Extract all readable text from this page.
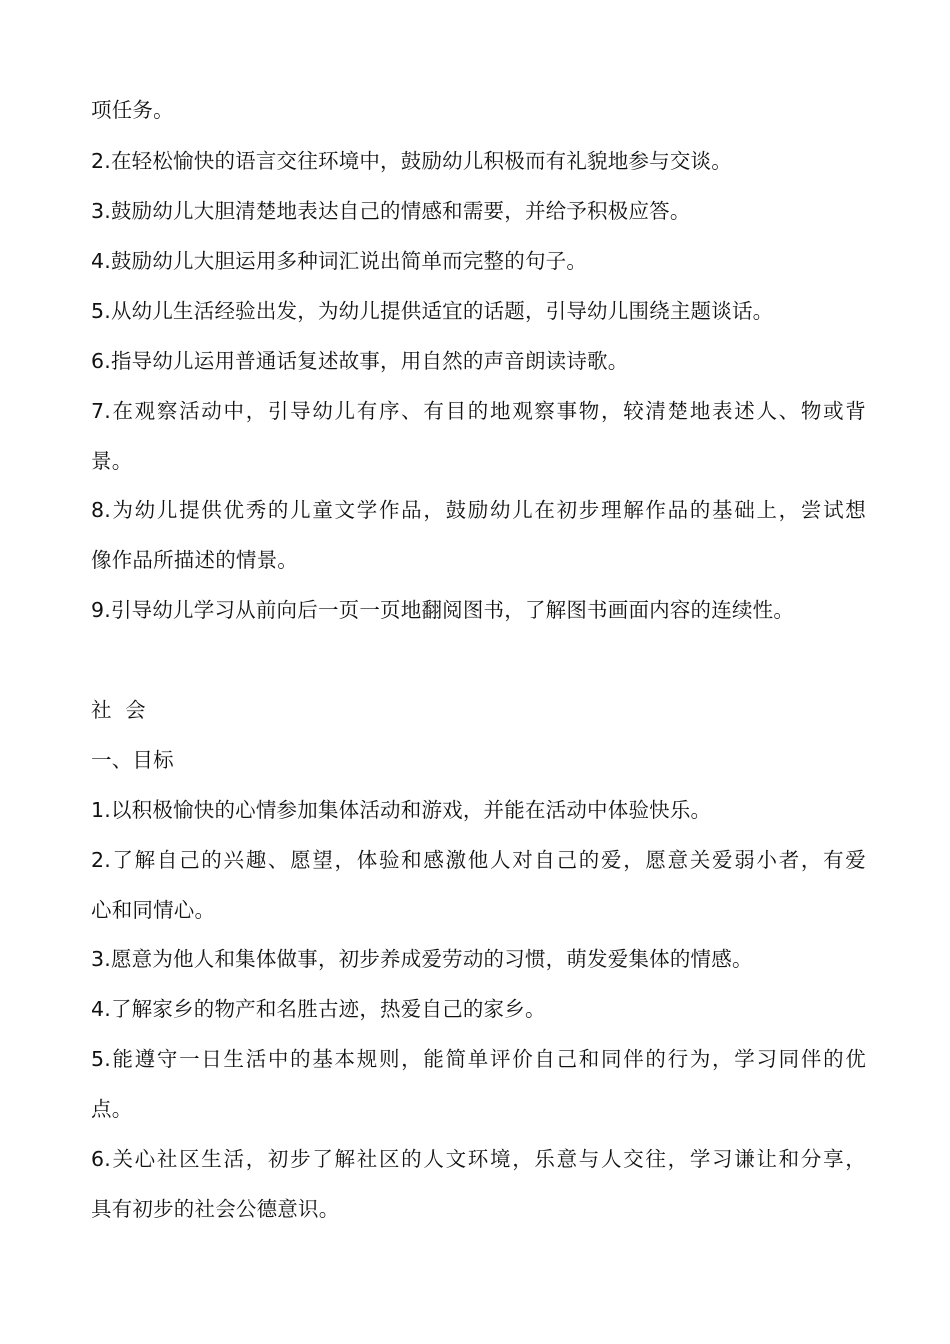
项任务。
2.在轻松愉快的语言交往环境中，鼓励幼儿积极而有礼貌地参与交谈。
3.鼓励幼儿大胆清楚地表达自己的情感和需要，并给予积极应答。
4.鼓励幼儿大胆运用多种词汇说出简单而完整的句子。
5.从幼儿生活经验出发，为幼儿提供适宜的话题，引导幼儿围绕主题谈话。
6.指导幼儿运用普通话复述故事，用自然的声音朗读诗歌。
7.在观察活动中，引导幼儿有序、有目的地观察事物，较清楚地表述人、物或背
景。
8.为幼儿提供优秀的儿童文学作品，鼓励幼儿在初步理解作品的基础上，尝试想
像作品所描述的情景。
9.引导幼儿学习从前向后一页一页地翻阅图书，了解图书画面内容的连续性。
社  会
一、目标
1.以积极愉快的心情参加集体活动和游戏，并能在活动中体验快乐。
2.了解自己的兴趣、愿望，体验和感激他人对自己的爱，愿意关爱弱小者，有爱
心和同情心。
3.愿意为他人和集体做事，初步养成爱劳动的习惯，萌发爱集体的情感。
4.了解家乡的物产和名胜古迹，热爱自己的家乡。
5.能遵守一日生活中的基本规则，能简单评价自己和同伴的行为，学习同伴的优
点。
6.关心社区生活，初步了解社区的人文环境，乐意与人交往，学习谦让和分享，
具有初步的社会公德意识。
